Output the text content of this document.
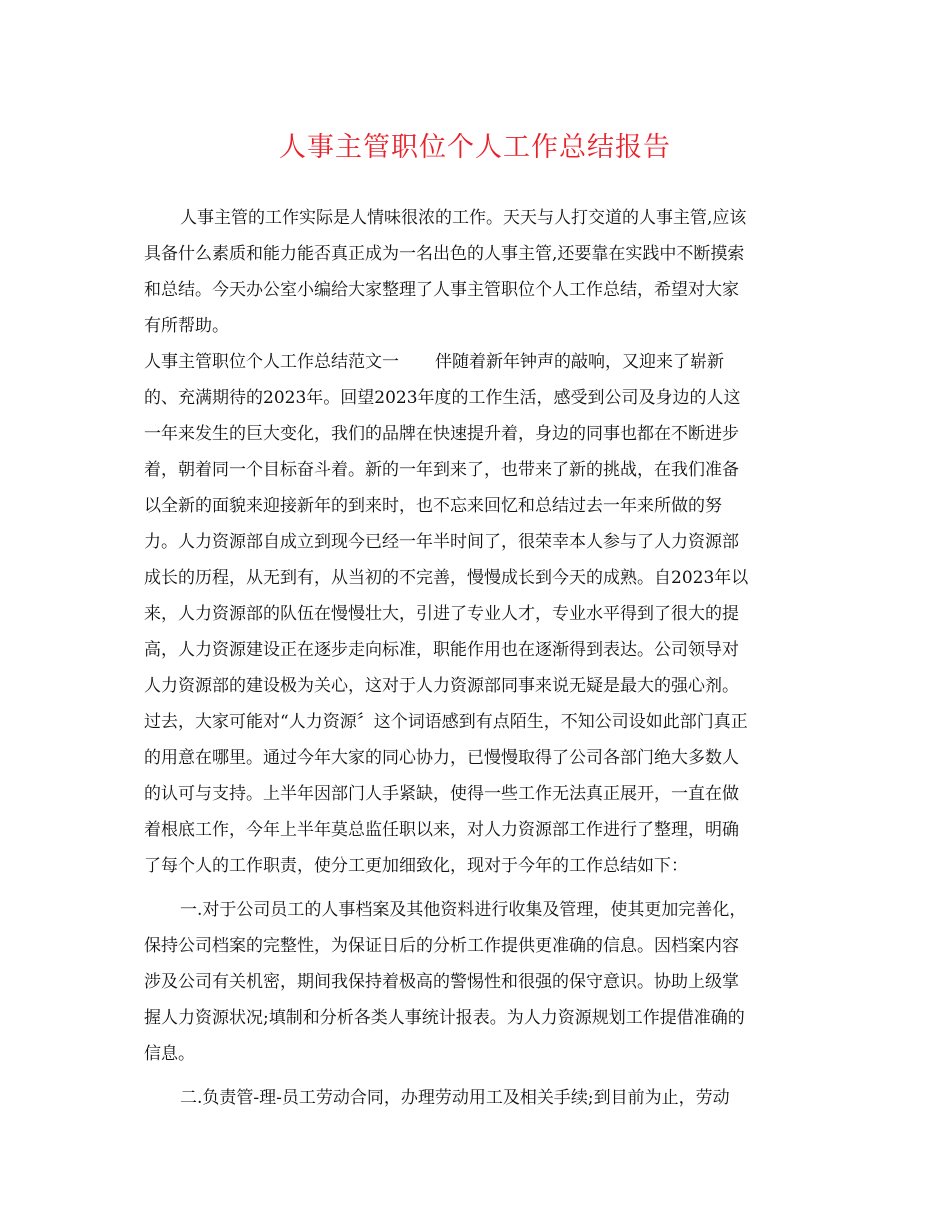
人事主管职位个人工作总结报告
人事主管的工作实际是人情味很浓的工作。天天与人打交道的人事主管,应该
具备什么素质和能力能否真正成为一名出色的人事主管,还要靠在实践中不断摸索
和总结。今天办公室小编给大家整理了人事主管职位个人工作总结，希望对大家
有所帮助。
人事主管职位个人工作总结范文一 伴随着新年钟声的敲响，又迎来了崭新
的、充满期待的2023年。回望2023年度的工作生活，感受到公司及身边的人这
一年来发生的巨大变化，我们的品牌在快速提升着，身边的同事也都在不断进步
着，朝着同一个目标奋斗着。新的一年到来了，也带来了新的挑战，在我们准备
以全新的面貌来迎接新年的到来时，也不忘来回忆和总结过去一年来所做的努
力。人力资源部自成立到现今已经一年半时间了，很荣幸本人参与了人力资源部
成长的历程，从无到有，从当初的不完善，慢慢成长到今天的成熟。自2023年以
来，人力资源部的队伍在慢慢壮大，引进了专业人才，专业水平得到了很大的提
高，人力资源建设正在逐步走向标准，职能作用也在逐渐得到表达。公司领导对
人力资源部的建设极为关心，这对于人力资源部同事来说无疑是最大的强心剂。
过去，大家可能对“人力资源〞这个词语感到有点陌生，不知公司设如此部门真正
的用意在哪里。通过今年大家的同心协力，已慢慢取得了公司各部门绝大多数人
的认可与支持。上半年因部门人手紧缺，使得一些工作无法真正展开，一直在做
着根底工作，今年上半年莫总监任职以来，对人力资源部工作进行了整理，明确
了每个人的工作职责，使分工更加细致化，现对于今年的工作总结如下：
一.对于公司员工的人事档案及其他资料进行收集及管理，使其更加完善化，
保持公司档案的完整性，为保证日后的分析工作提供更准确的信息。因档案内容
涉及公司有关机密，期间我保持着极高的警惕性和很强的保守意识。协助上级掌
握人力资源状况;填制和分析各类人事统计报表。为人力资源规划工作提借准确的
信息。
二.负责管-理-员工劳动合同，办理劳动用工及相关手续;到目前为止，劳动
